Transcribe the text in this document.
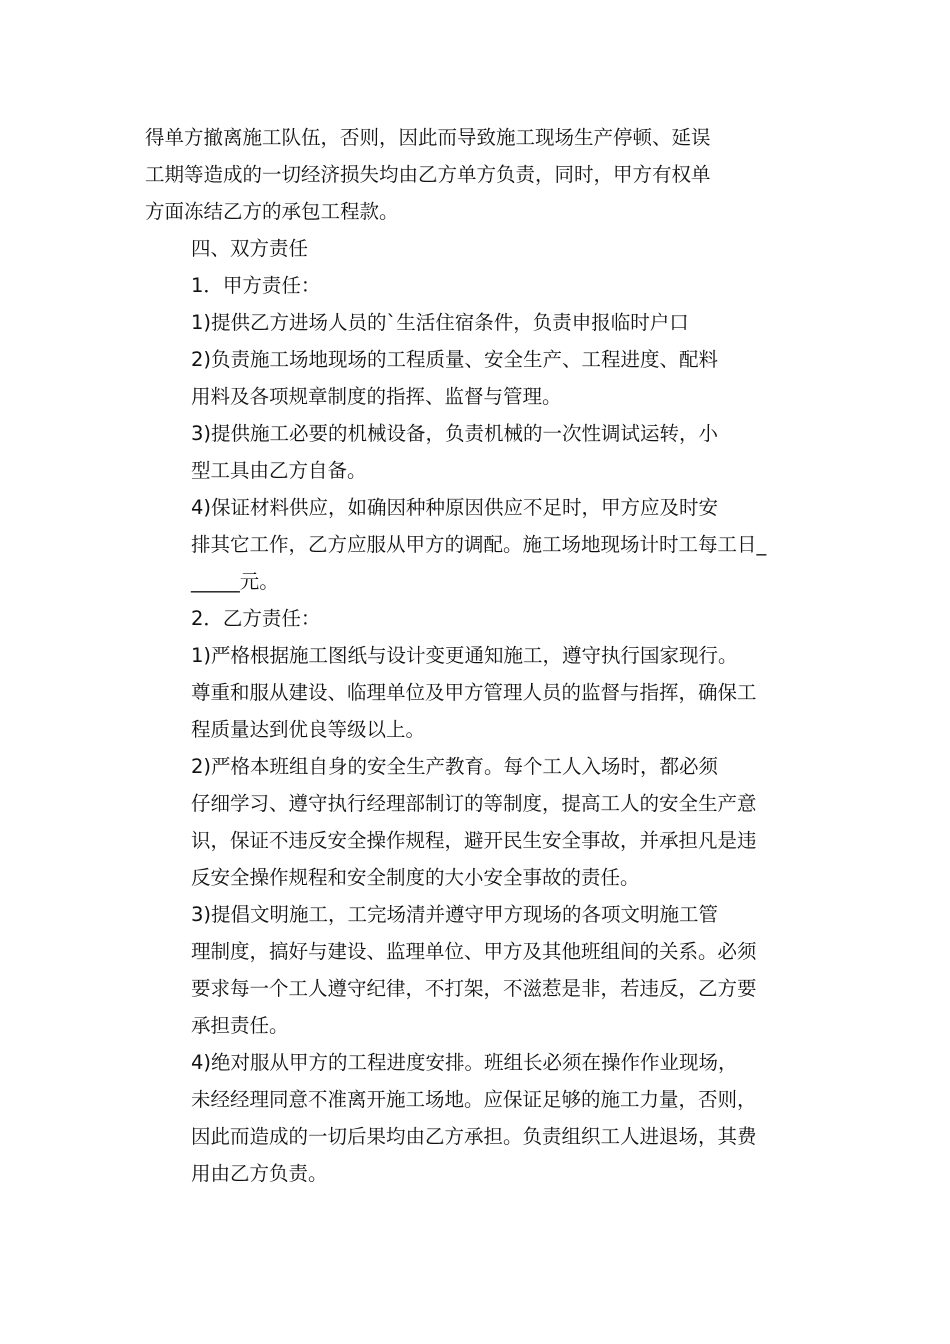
得单方撤离施工队伍，否则，因此而导致施工现场生产停顿、延误
工期等造成的一切经济损失均由乙方单方负责，同时，甲方有权单
方面冻结乙方的承包工程款。

四、双方责任

1．甲方责任：

1)提供乙方进场人员的`生活住宿条件，负责申报临时户口

2)负责施工场地现场的工程质量、安全生产、工程进度、配料
用料及各项规章制度的指挥、监督与管理。

3)提供施工必要的机械设备，负责机械的一次性调试运转，小
型工具由乙方自备。

4)保证材料供应，如确因种种原因供应不足时，甲方应及时安
排其它工作，乙方应服从甲方的调配。施工场地现场计时工每工日_
_____元。

2．乙方责任：

1)严格根据施工图纸与设计变更通知施工，遵守执行国家现行。
尊重和服从建设、临理单位及甲方管理人员的监督与指挥，确保工
程质量达到优良等级以上。

2)严格本班组自身的安全生产教育。每个工人入场时，都必须
仔细学习、遵守执行经理部制订的等制度，提高工人的安全生产意
识，保证不违反安全操作规程，避开民生安全事故，并承担凡是违
反安全操作规程和安全制度的大小安全事故的责任。

3)提倡文明施工，工完场清并遵守甲方现场的各项文明施工管
理制度，搞好与建设、监理单位、甲方及其他班组间的关系。必须
要求每一个工人遵守纪律，不打架，不滋惹是非，若违反，乙方要
承担责任。

4)绝对服从甲方的工程进度安排。班组长必须在操作作业现场，
未经经理同意不准离开施工场地。应保证足够的施工力量，否则，
因此而造成的一切后果均由乙方承担。负责组织工人进退场，其费
用由乙方负责。
